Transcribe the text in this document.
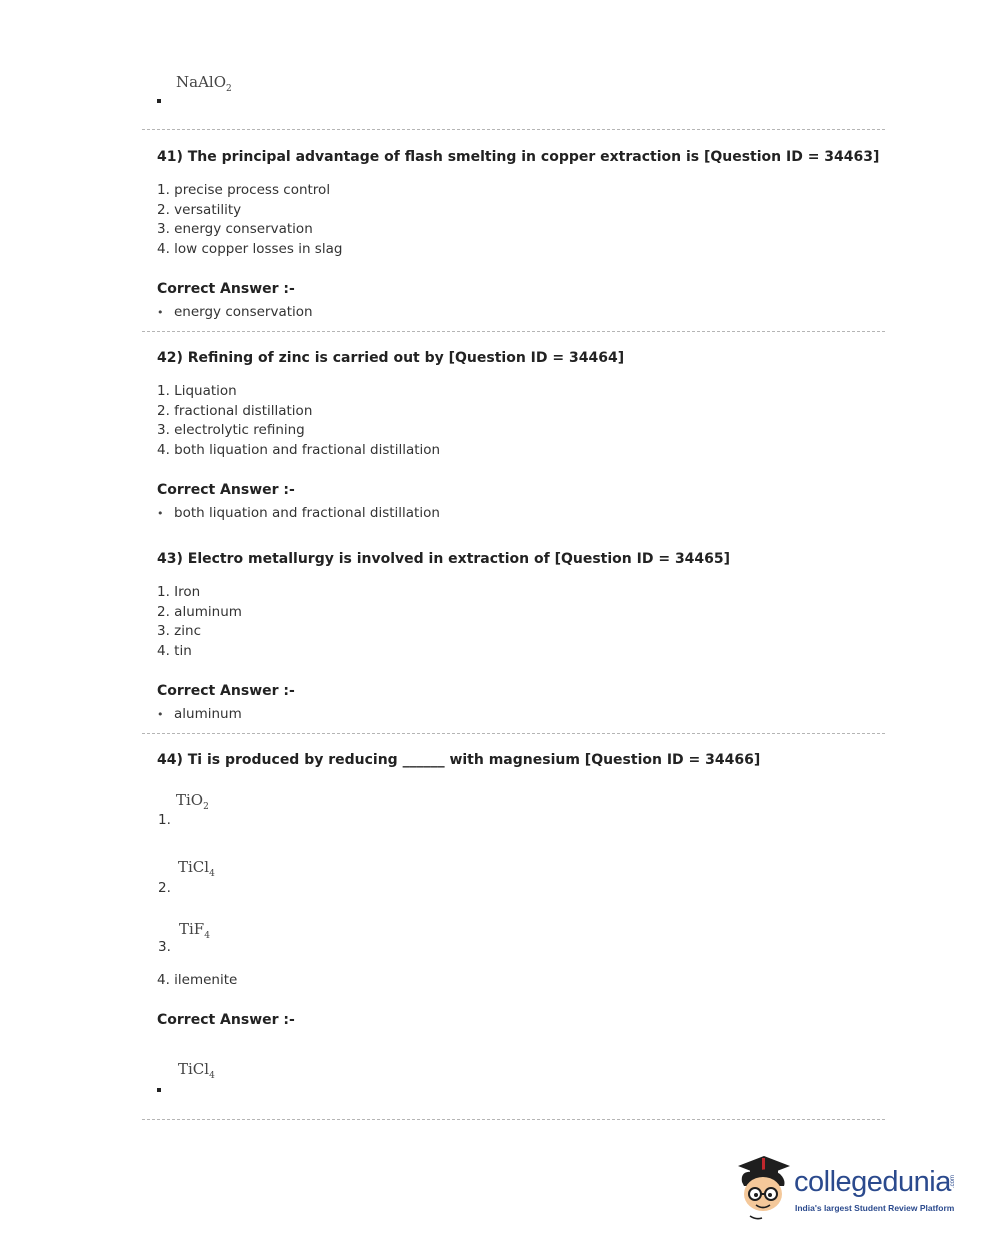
NaAlO$_2$
41) The principal advantage of flash smelting in copper extraction is [Question ID = 34463]
1. precise process control
2. versatility
3. energy conservation
4. low copper losses in slag
Correct Answer :-
• energy conservation
42) Refining of zinc is carried out by [Question ID = 34464]
1. Liquation
2. fractional distillation
3. electrolytic refining
4. both liquation and fractional distillation
Correct Answer :-
• both liquation and fractional distillation
43) Electro metallurgy is involved in extraction of [Question ID = 34465]
1. Iron
2. aluminum
3. zinc
4. tin
Correct Answer :-
• aluminum
44) Ti is produced by reducing ______ with magnesium [Question ID = 34466]
TiO$_2$
1.
TiCl$_4$
2.
TiF$_4$
3.
4. ilemenite
Correct Answer :-
TiCl$_4$
collegedunia .com
India's largest Student Review Platform
